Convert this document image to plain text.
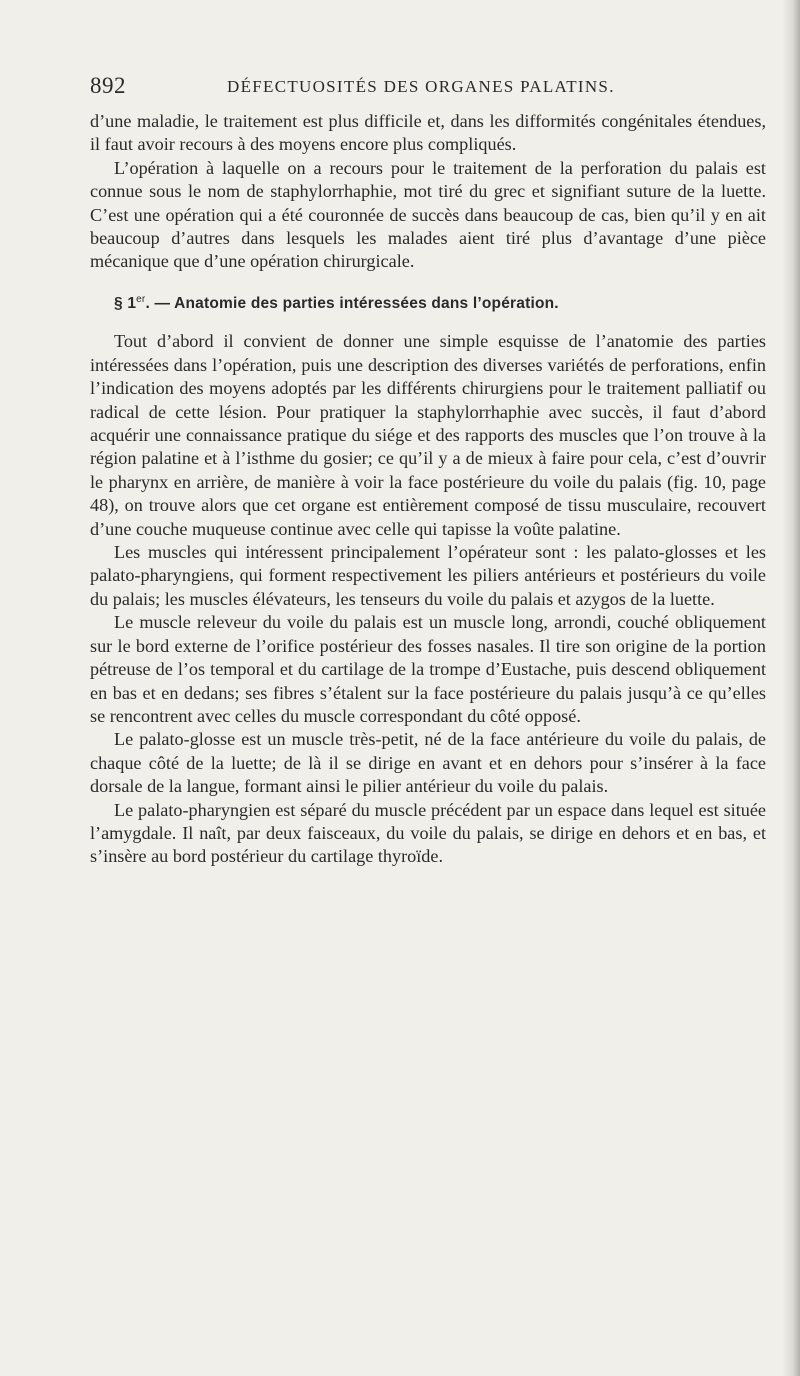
892	DÉFECTUOSITÉS DES ORGANES PALATINS.

d’une maladie, le traitement est plus difficile et, dans les difformités congénitales étendues, il faut avoir recours à des moyens encore plus compliqués.

L’opération à laquelle on a recours pour le traitement de la perforation du palais est connue sous le nom de staphylorrhaphie, mot tiré du grec et signifiant suture de la luette. C’est une opération qui a été couronnée de succès dans beaucoup de cas, bien qu’il y en ait beaucoup d’autres dans lesquels les malades aient tiré plus d’avantage d’une pièce mécanique que d’une opération chirurgicale.

§ 1er. — Anatomie des parties intéressées dans l’opération.

Tout d’abord il convient de donner une simple esquisse de l’anatomie des parties intéressées dans l’opération, puis une description des diverses variétés de perforations, enfin l’indication des moyens adoptés par les différents chirurgiens pour le traitement palliatif ou radical de cette lésion. Pour pratiquer la staphylorrhaphie avec succès, il faut d’abord acquérir une connaissance pratique du siége et des rapports des muscles que l’on trouve à la région palatine et à l’isthme du gosier; ce qu’il y a de mieux à faire pour cela, c’est d’ouvrir le pharynx en arrière, de manière à voir la face postérieure du voile du palais (fig. 10, page 48), on trouve alors que cet organe est entièrement composé de tissu musculaire, recouvert d’une couche muqueuse continue avec celle qui tapisse la voûte palatine.

Les muscles qui intéressent principalement l’opérateur sont : les palato-glosses et les palato-pharyngiens, qui forment respectivement les piliers antérieurs et postérieurs du voile du palais; les muscles élévateurs, les tenseurs du voile du palais et azygos de la luette.

Le muscle releveur du voile du palais est un muscle long, arrondi, couché obliquement sur le bord externe de l’orifice postérieur des fosses nasales. Il tire son origine de la portion pétreuse de l’os temporal et du cartilage de la trompe d’Eustache, puis descend obliquement en bas et en dedans; ses fibres s’étalent sur la face postérieure du palais jusqu’à ce qu’elles se rencontrent avec celles du muscle correspondant du côté opposé.

Le palato-glosse est un muscle très-petit, né de la face antérieure du voile du palais, de chaque côté de la luette; de là il se dirige en avant et en dehors pour s’insérer à la face dorsale de la langue, formant ainsi le pilier antérieur du voile du palais.

Le palato-pharyngien est séparé du muscle précédent par un espace dans lequel est située l’amygdale. Il naît, par deux faisceaux, du voile du palais, se dirige en dehors et en bas, et s’insère au bord postérieur du cartilage thyroïde.
